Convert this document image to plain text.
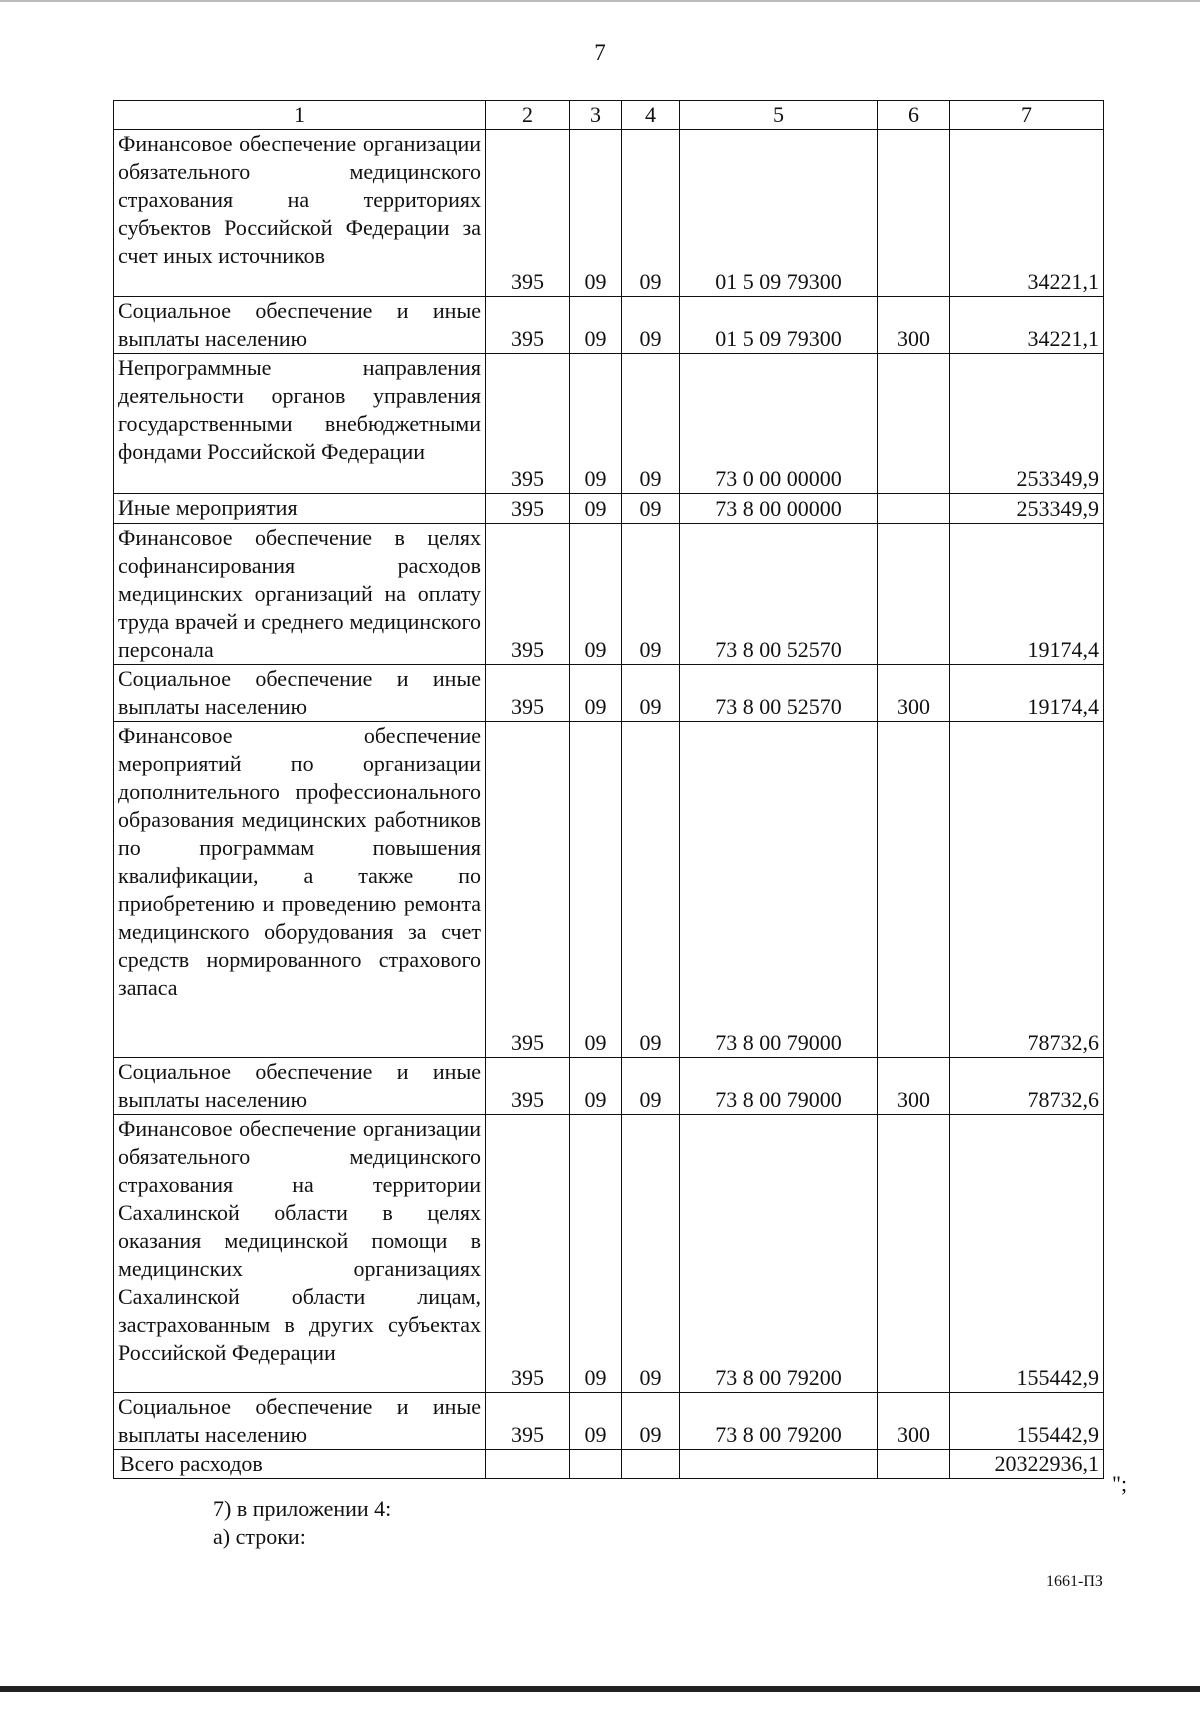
7
1	2	3	4	5	6	7

Финансовое обеспечение организации обязательного медицинского страхования на территориях субъектов Российской Федерации за счет иных источников	395	09	09	01 5 09 79300		34221,1

Социальное обеспечение и иные выплаты населению	395	09	09	01 5 09 79300	300	34221,1

Непрограммные направления деятельности органов управления государственными внебюджетными фондами Российской Федерации	395	09	09	73 0 00 00000		253349,9

Иные мероприятия	395	09	09	73 8 00 00000		253349,9

Финансовое обеспечение в целях софинансирования расходов медицинских организаций на оплату труда врачей и среднего медицинского персонала	395	09	09	73 8 00 52570		19174,4

Социальное обеспечение и иные выплаты населению	395	09	09	73 8 00 52570	300	19174,4

Финансовое обеспечение мероприятий по организации дополнительного профессионального образования медицинских работников по программам повышения квалификации, а также по приобретению и проведению ремонта медицинского оборудования за счет средств нормированного страхового запаса	395	09	09	73 8 00 79000		78732,6

Социальное обеспечение и иные выплаты населению	395	09	09	73 8 00 79000	300	78732,6

Финансовое обеспечение организации обязательного медицинского страхования на территории Сахалинской области в целях оказания медицинской помощи в медицинских организациях Сахалинской области лицам, застрахованным в других субъектах Российской Федерации	395	09	09	73 8 00 79200		155442,9

Социальное обеспечение и иные выплаты населению	395	09	09	73 8 00 79200	300	155442,9
Всего расходов						20322936,1
";
7) в приложении 4:
а) строки:
1661-ПЗ
